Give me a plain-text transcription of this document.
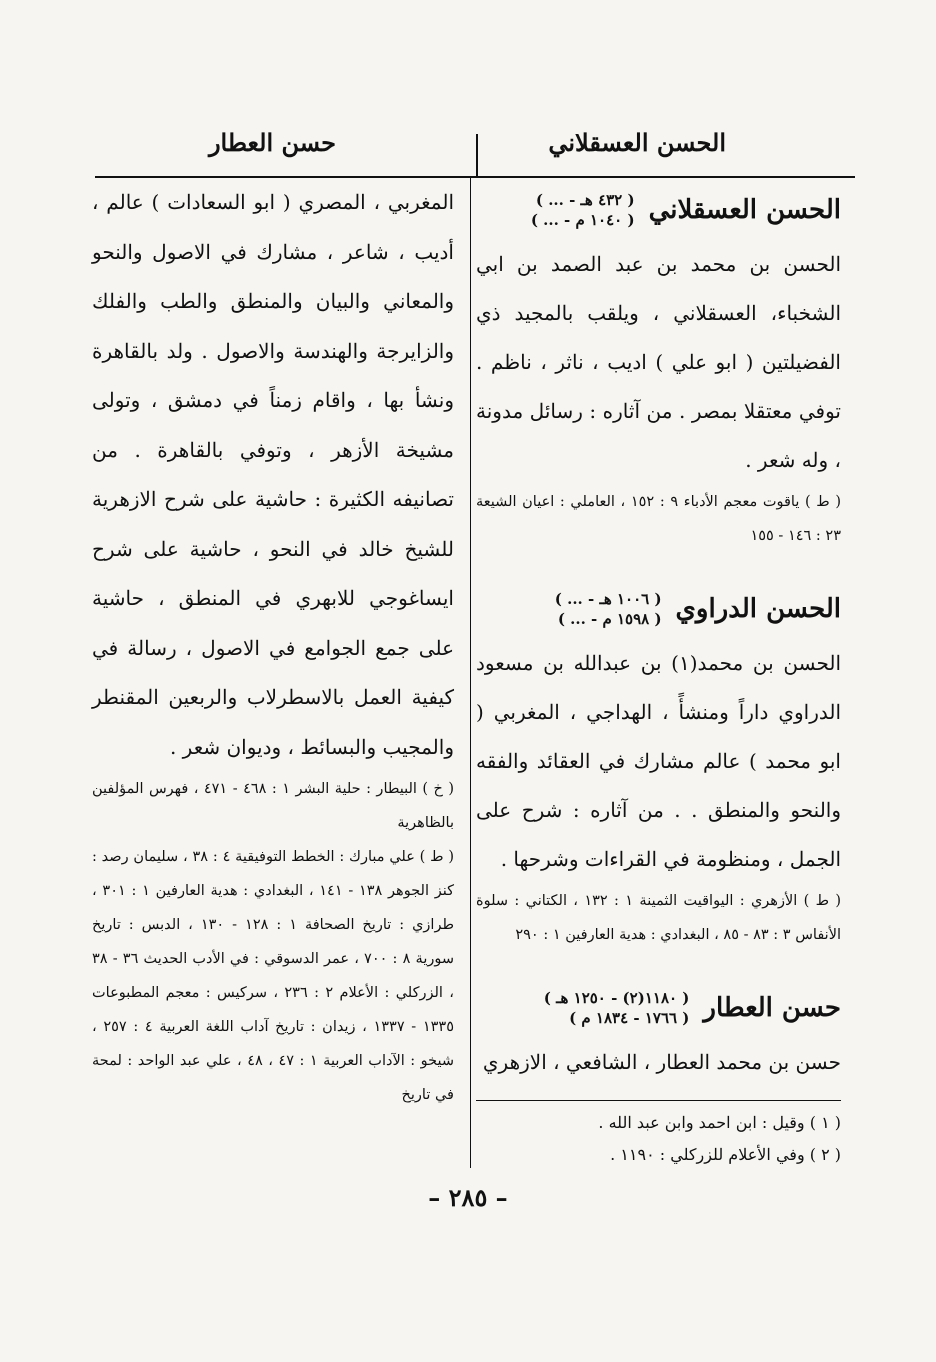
الحسن العسقلاني
حسن العطار
الحسن العسقلاني
( ... - ٤٣٢ هـ )
( ... - ١٠٤٠ م )
الحسن بن محمد بن عبد الصمد بن ابي الشخباء، العسقلاني ، ويلقب بالمجيد ذي الفضيلتين ( ابو علي ) اديب ، ناثر ، ناظم . توفي معتقلا بمصر . من آثاره : رسائل مدونة ، وله شعر .
( ط ) ياقوت معجم الأدباء ٩ : ١٥٢ ، العاملي : اعيان الشيعة ٢٣ : ١٤٦ - ١٥٥
الحسن الدراوي
( ... - ١٠٠٦ هـ )
( ... - ١٥٩٨ م )
الحسن بن محمد(١) بن عبدالله بن مسعود الدراوي داراً ومنشأً ، الهداجي ، المغربي ( ابو محمد ) عالم مشارك في العقائد والفقه والنحو والمنطق . . من آثاره : شرح على الجمل ، ومنظومة في القراءات وشرحها .
( ط ) الأزهري : اليواقيت الثمينة ١ : ١٣٢ ، الكتاني : سلوة الأنفاس ٣ : ٨٣ - ٨٥ ، البغدادي : هدية العارفين ١ : ٢٩٠
حسن العطار
( ١١٨٠(٢) - ١٢٥٠ هـ )
( ١٧٦٦ - ١٨٣٤ م )
حسن بن محمد العطار ، الشافعي ، الازهري
المغربي ، المصري ( ابو السعادات ) عالم ، أديب ، شاعر ، مشارك في الاصول والنحو والمعاني والبيان والمنطق والطب والفلك والزايرجة والهندسة والاصول . ولد بالقاهرة ونشأ بها ، واقام زمناً في دمشق ، وتولى مشيخة الأزهر ، وتوفي بالقاهرة . من تصانيفه الكثيرة : حاشية على شرح الازهرية للشيخ خالد في النحو ، حاشية على شرح ايساغوجي للابهري في المنطق ، حاشية على جمع الجوامع في الاصول ، رسالة في كيفية العمل بالاسطرلاب والربعين المقنطر والمجيب والبسائط ، وديوان شعر .
( خ ) البيطار : حلية البشر ١ : ٤٦٨ - ٤٧١ ، فهرس المؤلفين بالظاهرية
( ط ) علي مبارك : الخطط التوفيقية ٤ : ٣٨ ، سليمان رصد : كنز الجوهر ١٣٨ - ١٤١ ، البغدادي : هدية العارفين ١ : ٣٠١ ، طرازي : تاريخ الصحافة ١ : ١٢٨ - ١٣٠ ، الدبس : تاريخ سورية ٨ : ٧٠٠ ، عمر الدسوقي : في الأدب الحديث ٣٦ - ٣٨ ، الزركلي : الأعلام ٢ : ٢٣٦ ، سركيس : معجم المطبوعات ١٣٣٥ - ١٣٣٧ ، زيدان : تاريخ آداب اللغة العربية ٤ : ٢٥٧ ، شيخو : الآداب العربية ١ : ٤٧ ، ٤٨ ، علي عبد الواحد : لمحة في تاريخ
( ١ ) وقيل : ابن احمد وابن عبد الله .
( ٢ ) وفي الأعلام للزركلي : ١١٩٠ .
– ٢٨٥ –
